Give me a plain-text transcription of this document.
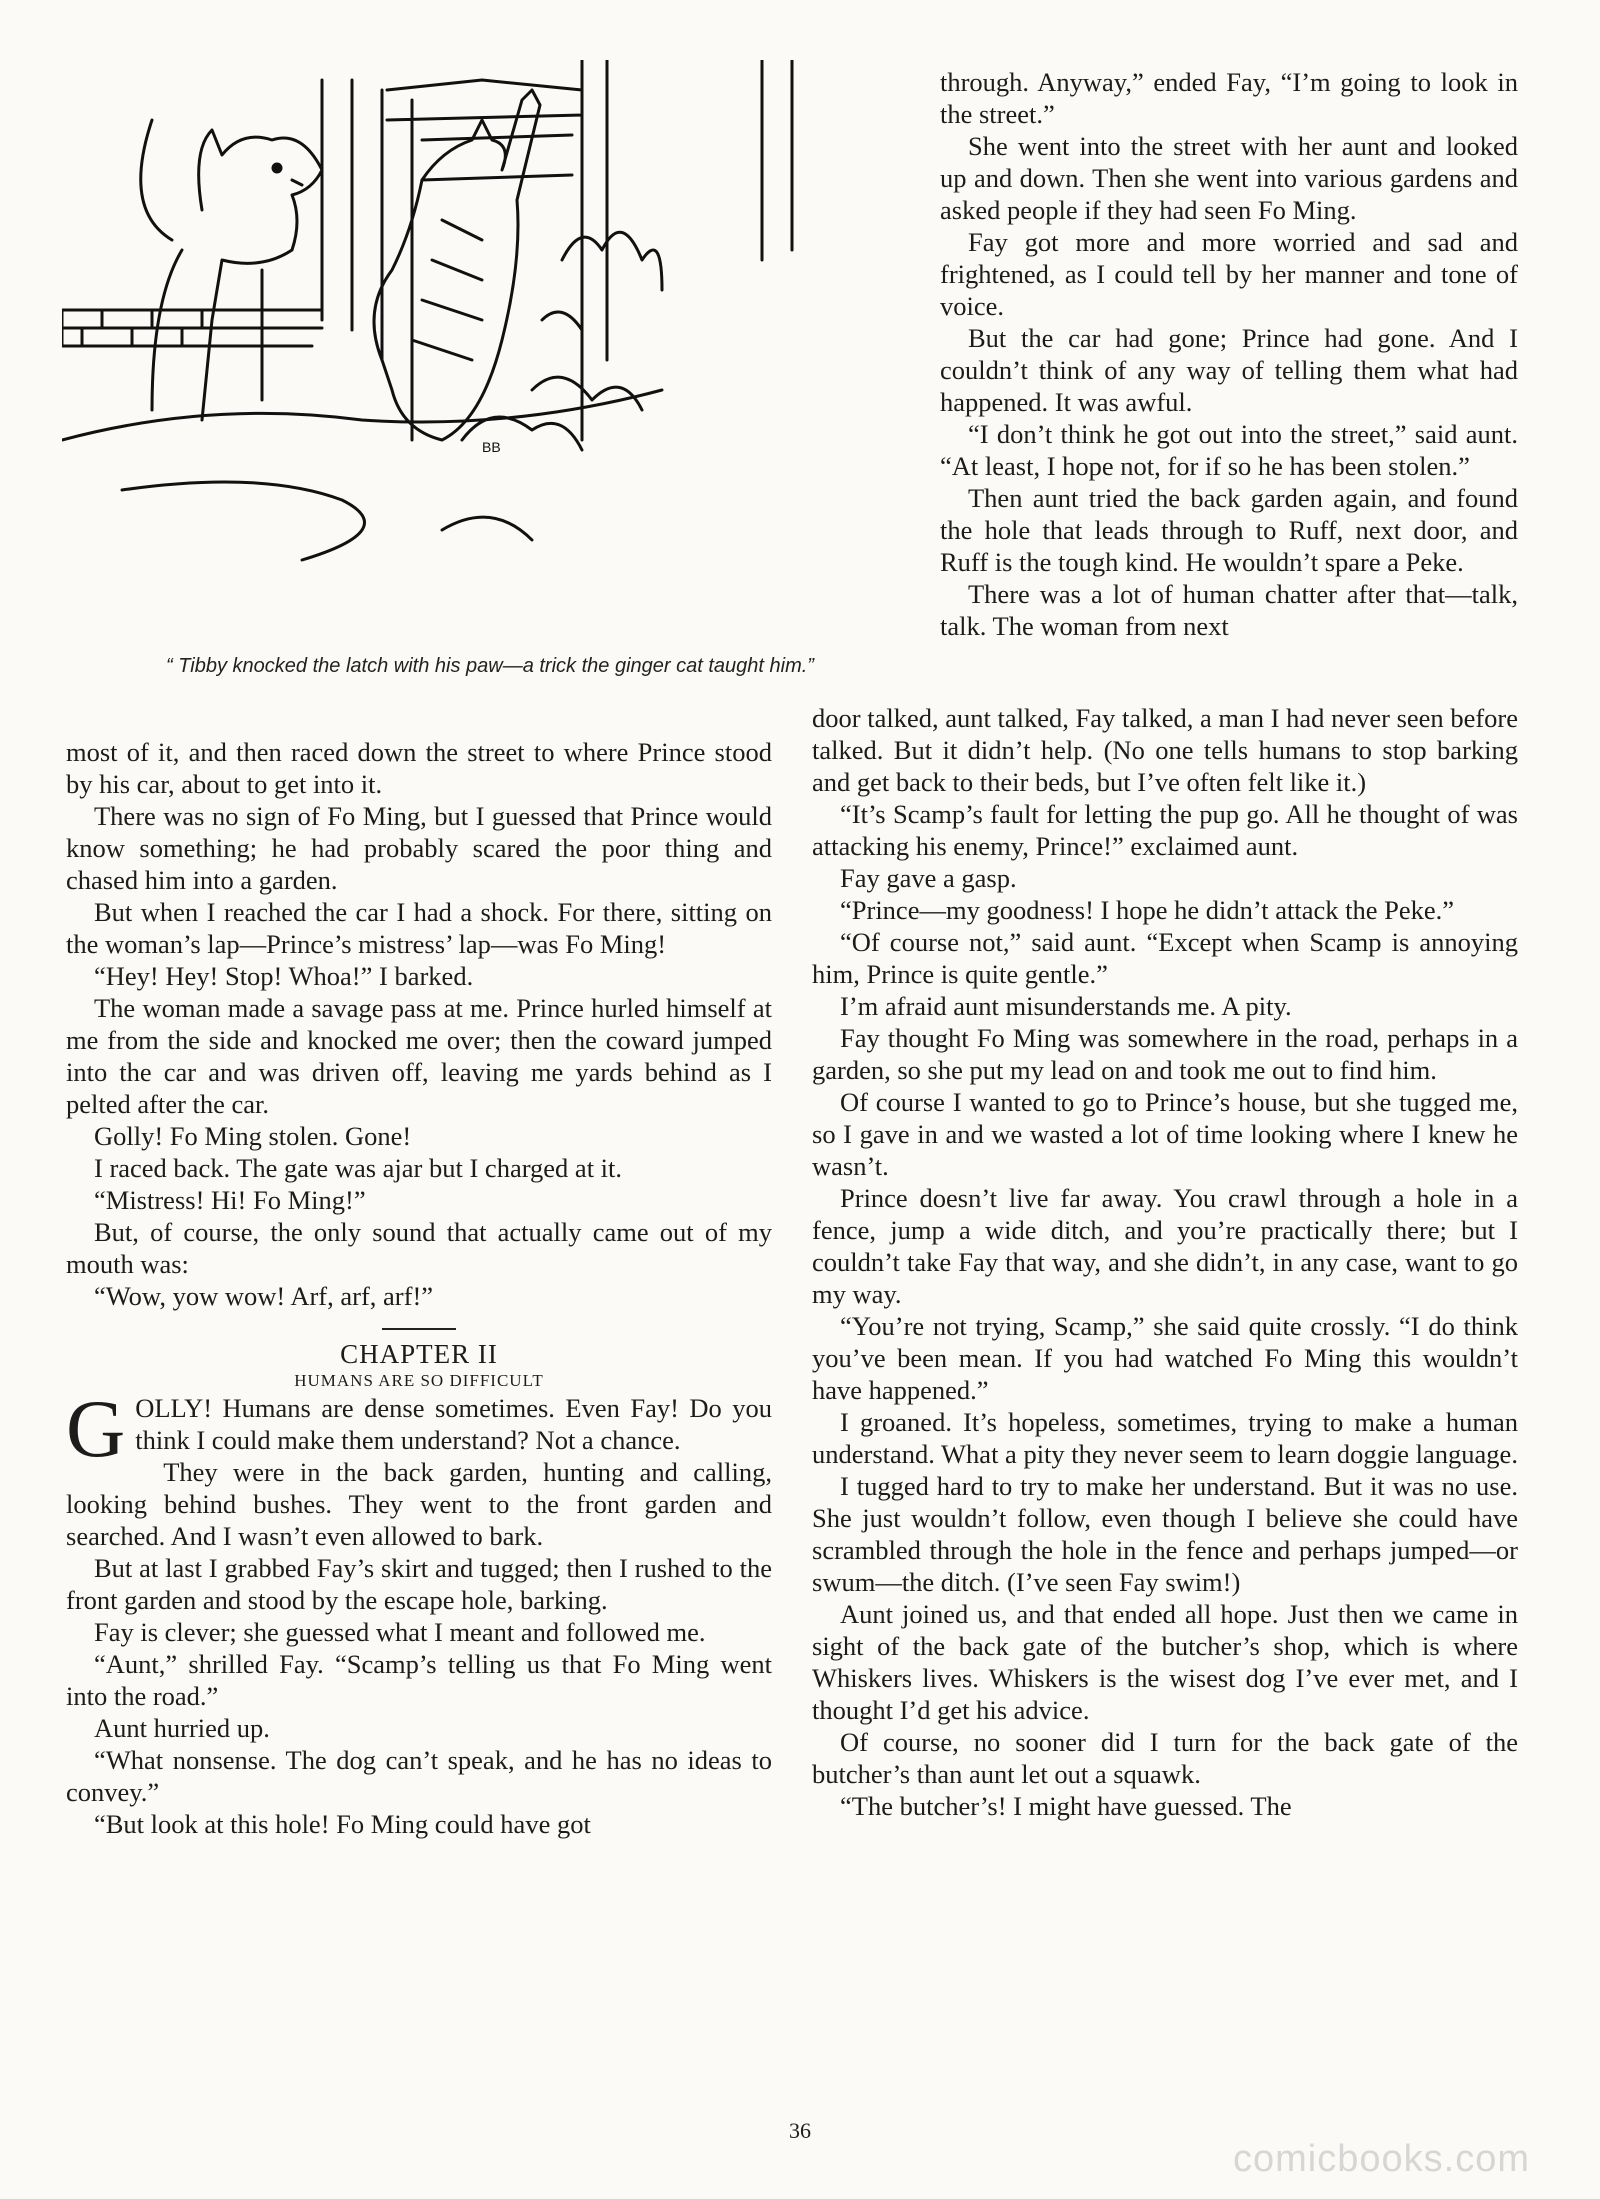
BB
“ Tibby knocked the latch with his paw—a trick the ginger cat taught him.”

through. Anyway,” ended Fay, “I’m going to look in the street.”

She went into the street with her aunt and looked up and down. Then she went into various gardens and asked people if they had seen Fo Ming.

Fay got more and more worried and sad and frightened, as I could tell by her manner and tone of voice.

But the car had gone; Prince had gone. And I couldn’t think of any way of telling them what had happened. It was awful.

“I don’t think he got out into the street,” said aunt. “At least, I hope not, for if so he has been stolen.”

Then aunt tried the back garden again, and found the hole that leads through to Ruff, next door, and Ruff is the tough kind. He wouldn’t spare a Peke.

There was a lot of human chatter after that—talk, talk. The woman from next

most of it, and then raced down the street to where Prince stood by his car, about to get into it.

There was no sign of Fo Ming, but I guessed that Prince would know something; he had probably scared the poor thing and chased him into a garden.

But when I reached the car I had a shock. For there, sitting on the woman’s lap—Prince’s mistress’ lap—was Fo Ming!

“Hey! Hey! Stop! Whoa!” I barked.

The woman made a savage pass at me. Prince hurled himself at me from the side and knocked me over; then the coward jumped into the car and was driven off, leaving me yards behind as I pelted after the car.

Golly! Fo Ming stolen. Gone!

I raced back. The gate was ajar but I charged at it.

“Mistress! Hi! Fo Ming!”

But, of course, the only sound that actually came out of my mouth was:

“Wow, yow wow! Arf, arf, arf!”

CHAPTER II
HUMANS ARE SO DIFFICULT

GOLLY! Humans are dense sometimes. Even Fay! Do you think I could make them understand? Not a chance.

They were in the back garden, hunting and calling, looking behind bushes. They went to the front garden and searched. And I wasn’t even allowed to bark.

But at last I grabbed Fay’s skirt and tugged; then I rushed to the front garden and stood by the escape hole, barking.

Fay is clever; she guessed what I meant and followed me.

“Aunt,” shrilled Fay. “Scamp’s telling us that Fo Ming went into the road.”

Aunt hurried up.

“What nonsense. The dog can’t speak, and he has no ideas to convey.”

“But look at this hole! Fo Ming could have got

door talked, aunt talked, Fay talked, a man I had never seen before talked. But it didn’t help. (No one tells humans to stop barking and get back to their beds, but I’ve often felt like it.)

“It’s Scamp’s fault for letting the pup go. All he thought of was attacking his enemy, Prince!” exclaimed aunt.

Fay gave a gasp.

“Prince—my goodness! I hope he didn’t attack the Peke.”

“Of course not,” said aunt. “Except when Scamp is annoying him, Prince is quite gentle.”

I’m afraid aunt misunderstands me. A pity.

Fay thought Fo Ming was somewhere in the road, perhaps in a garden, so she put my lead on and took me out to find him.

Of course I wanted to go to Prince’s house, but she tugged me, so I gave in and we wasted a lot of time looking where I knew he wasn’t.

Prince doesn’t live far away. You crawl through a hole in a fence, jump a wide ditch, and you’re practically there; but I couldn’t take Fay that way, and she didn’t, in any case, want to go my way.

“You’re not trying, Scamp,” she said quite crossly. “I do think you’ve been mean. If you had watched Fo Ming this wouldn’t have happened.”

I groaned. It’s hopeless, sometimes, trying to make a human understand. What a pity they never seem to learn doggie language.

I tugged hard to try to make her understand. But it was no use. She just wouldn’t follow, even though I believe she could have scrambled through the hole in the fence and perhaps jumped—or swum—the ditch. (I’ve seen Fay swim!)

Aunt joined us, and that ended all hope. Just then we came in sight of the back gate of the butcher’s shop, which is where Whiskers lives. Whiskers is the wisest dog I’ve ever met, and I thought I’d get his advice.

Of course, no sooner did I turn for the back gate of the butcher’s than aunt let out a squawk.

“The butcher’s! I might have guessed. The

36
comicbooks.com
